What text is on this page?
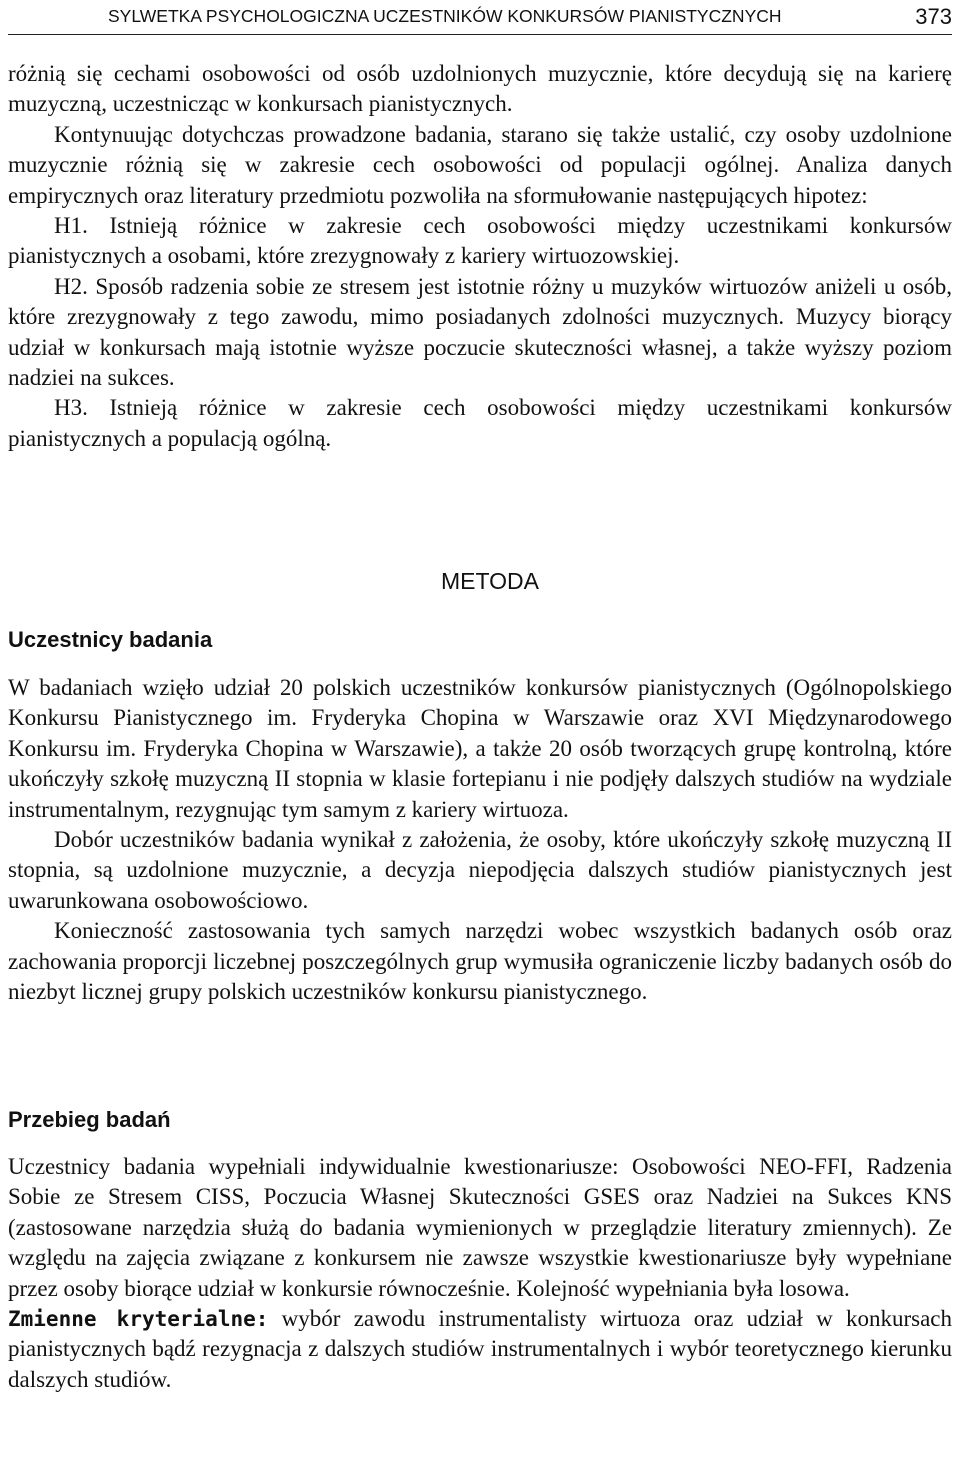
SYLWETKA PSYCHOLOGICZNA UCZESTNIKÓW KONKURSÓW PIANISTYCZNYCH	373

różnią się cechami osobowości od osób uzdolnionych muzycznie, które decydują się na karierę muzyczną, uczestnicząc w konkursach pianistycznych.

Kontynuując dotychczas prowadzone badania, starano się także ustalić, czy osoby uzdolnione muzycznie różnią się w zakresie cech osobowości od populacji ogólnej. Analiza danych empirycznych oraz literatury przedmiotu pozwoliła na sformułowanie następujących hipotez:

H1. Istnieją różnice w zakresie cech osobowości między uczestnikami konkursów pianistycznych a osobami, które zrezygnowały z kariery wirtuozowskiej.

H2. Sposób radzenia sobie ze stresem jest istotnie różny u muzyków wirtuozów aniżeli u osób, które zrezygnowały z tego zawodu, mimo posiadanych zdolności muzycznych. Muzycy biorący udział w konkursach mają istotnie wyższe poczucie skuteczności własnej, a także wyższy poziom nadziei na sukces.

H3. Istnieją różnice w zakresie cech osobowości między uczestnikami konkursów pianistycznych a populacją ogólną.

METODA
Uczestnicy badania

W badaniach wzięło udział 20 polskich uczestników konkursów pianistycznych (Ogólnopolskiego Konkursu Pianistycznego im. Fryderyka Chopina w Warszawie oraz XVI Międzynarodowego Konkursu im. Fryderyka Chopina w Warszawie), a także 20 osób tworzących grupę kontrolną, które ukończyły szkołę muzyczną II stopnia w klasie fortepianu i nie podjęły dalszych studiów na wydziale instrumentalnym, rezygnując tym samym z kariery wirtuoza.

Dobór uczestników badania wynikał z założenia, że osoby, które ukończyły szkołę muzyczną II stopnia, są uzdolnione muzycznie, a decyzja niepodjęcia dalszych studiów pianistycznych jest uwarunkowana osobowościowo.

Konieczność zastosowania tych samych narzędzi wobec wszystkich badanych osób oraz zachowania proporcji liczebnej poszczególnych grup wymusiła ograniczenie liczby badanych osób do niezbyt licznej grupy polskich uczestników konkursu pianistycznego.

Przebieg badań

Uczestnicy badania wypełniali indywidualnie kwestionariusze: Osobowości NEO-FFI, Radzenia Sobie ze Stresem CISS, Poczucia Własnej Skuteczności GSES oraz Nadziei na Sukces KNS (zastosowane narzędzia służą do badania wymienionych w przeglądzie literatury zmiennych). Ze względu na zajęcia związane z konkursem nie zawsze wszystkie kwestionariusze były wypełniane przez osoby biorące udział w konkursie równocześnie. Kolejność wypełniania była losowa.

Zmienne kryterialne: wybór zawodu instrumentalisty wirtuoza oraz udział w konkursach pianistycznych bądź rezygnacja z dalszych studiów instrumentalnych i wybór teoretycznego kierunku dalszych studiów.
